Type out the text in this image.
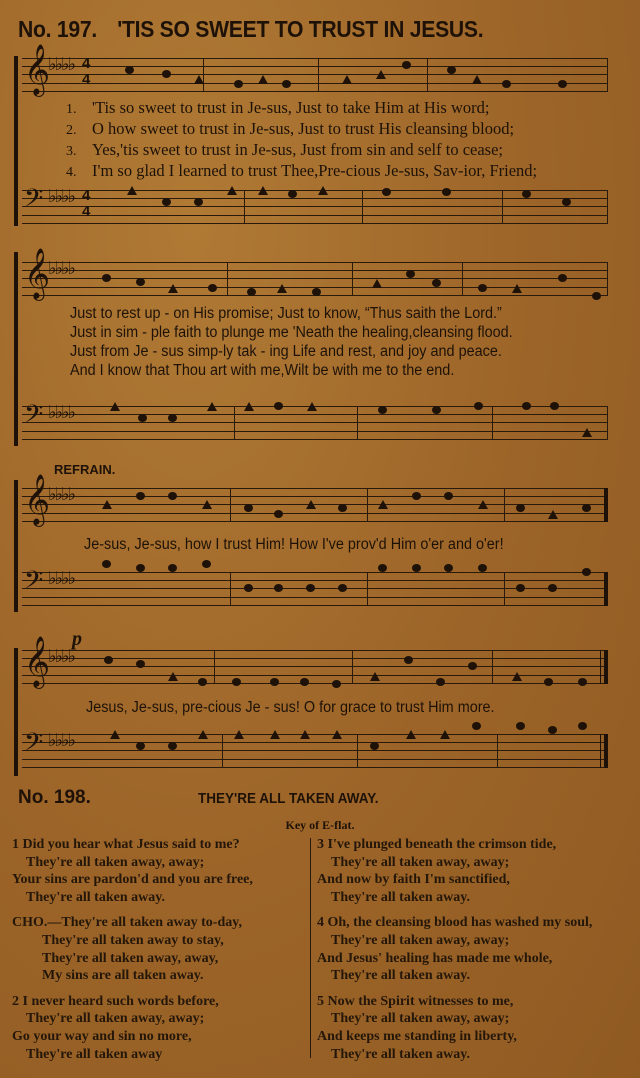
No. 197. 'TIS SO SWEET TO TRUST IN JESUS.
𝄞
♭♭♭♭ 4
4
1. 'Tis so sweet to trust in Je-sus, Just to take Him at His word;
2. O how sweet to trust in Je-sus, Just to trust His cleansing blood;
3. Yes,'tis sweet to trust in Je-sus, Just from sin and self to cease;
4. I'm so glad I learned to trust Thee,Pre-cious Je-sus, Sav-ior, Friend;
𝄢 ♭♭♭♭ 4
4
𝄞
♭♭♭♭
Just to rest up - on His promise; Just to know, “Thus saith the Lord.”
Just in sim - ple faith to plunge me 'Neath the healing,cleansing flood.
Just from Je - sus simp-ly tak - ing Life and rest, and joy and peace.
And I know that Thou art with me,Wilt be with me to the end.
𝄢 ♭♭♭♭
REFRAIN.
𝄞
♭♭♭♭
Je-sus, Je-sus, how I trust Him! How I've prov'd Him o'er and o'er!
𝄢 ♭♭♭♭
p
𝄞
♭♭♭♭
Jesus, Je-sus, pre-cious Je - sus! O for grace to trust Him more.
𝄢 ♭♭♭♭
No. 198.	THEY'RE ALL TAKEN AWAY.
Key of E-flat.
1 Did you hear what Jesus said to me?
They're all taken away, away;
Your sins are pardon'd and you are free,
They're all taken away.
CHO.—They're all taken away to-day,
They're all taken away to stay,
They're all taken away, away,
My sins are all taken away.
2 I never heard such words before,
They're all taken away, away;
Go your way and sin no more,
They're all taken away
3 I've plunged beneath the crimson tide,
They're all taken away, away;
And now by faith I'm sanctified,
They're all taken away.
4 Oh, the cleansing blood has washed my soul,
They're all taken away, away;
And Jesus' healing has made me whole,
They're all taken away.
5 Now the Spirit witnesses to me,
They're all taken away, away;
And keeps me standing in liberty,
They're all taken away.
